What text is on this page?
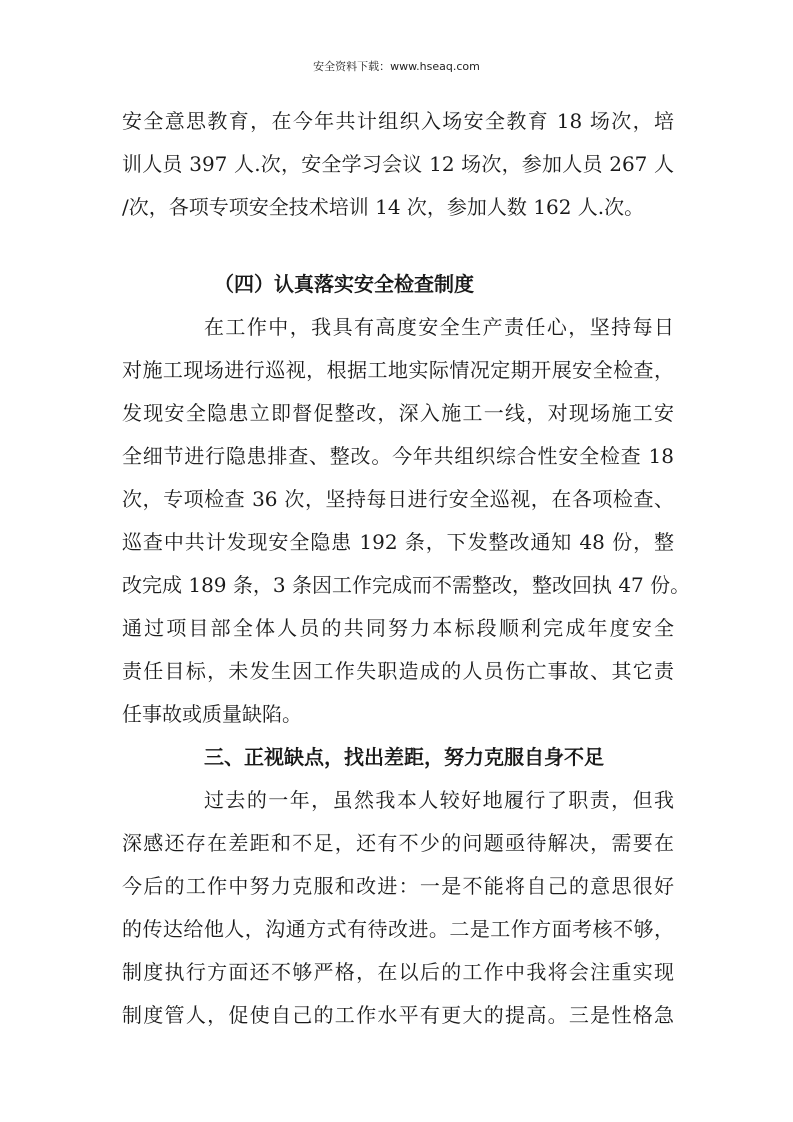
安全资料下载：www.hseaq.com
安全意思教育，在今年共计组织入场安全教育 18 场次，培
训人员 397 人.次，安全学习会议 12 场次，参加人员 267 人
/次，各项专项安全技术培训 14 次，参加人数 162 人.次。
（四）认真落实安全检查制度
在工作中，我具有高度安全生产责任心，坚持每日
对施工现场进行巡视，根据工地实际情况定期开展安全检查，
发现安全隐患立即督促整改，深入施工一线，对现场施工安
全细节进行隐患排查、整改。今年共组织综合性安全检查 18
次，专项检查 36 次，坚持每日进行安全巡视，在各项检查、
巡查中共计发现安全隐患 192 条，下发整改通知 48 份，整
改完成 189 条，3 条因工作完成而不需整改，整改回执 47 份。
通过项目部全体人员的共同努力本标段顺利完成年度安全
责任目标，未发生因工作失职造成的人员伤亡事故、其它责
任事故或质量缺陷。
三、正视缺点，找出差距，努力克服自身不足
过去的一年，虽然我本人较好地履行了职责，但我
深感还存在差距和不足，还有不少的问题亟待解决，需要在
今后的工作中努力克服和改进：一是不能将自己的意思很好
的传达给他人，沟通方式有待改进。二是工作方面考核不够，
制度执行方面还不够严格，在以后的工作中我将会注重实现
制度管人，促使自己的工作水平有更大的提高。三是性格急
